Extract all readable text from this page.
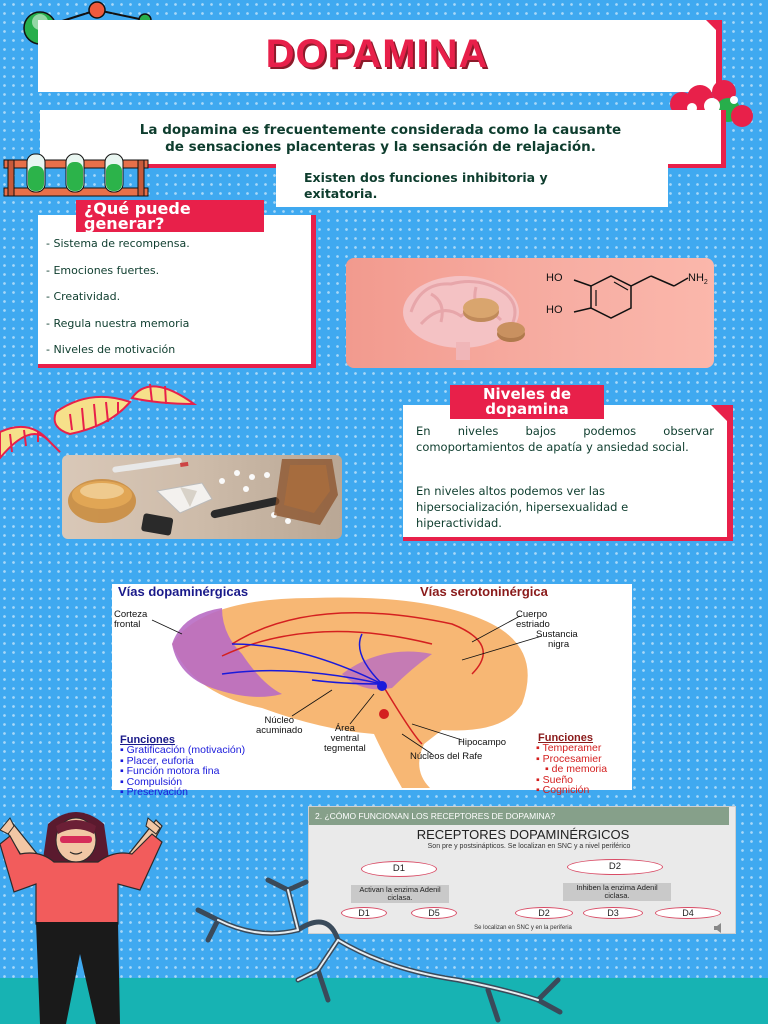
DOPAMINA
La dopamina es frecuentemente considerada como la causante
de sensaciones placenteras y la sensación de relajación.
Existen dos funciones inhibitoria y
exitatoria.
¿Qué puede
generar?
- Sistema de recompensa.
- Emociones fuertes.
- Creatividad.
- Regula nuestra memoria
- Niveles de motivación
HO
HO
$NH_2$
Niveles de
dopamina
En niveles bajos podemos observar comoportamientos de apatía y ansiedad social.
En niveles altos podemos ver las hipersocialización, hipersexualidad e hiperactividad.
Vías dopaminérgicas	Vías serotoninérgica
Corteza
frontal
Cuerpo
estriado
Sustancia
nigra
Núcleo
acuminado	Área
ventral
tegmental
Hipocampo
Núcleos del Rafe
Funciones
▪ Gratificación (motivación)
▪ Placer, euforia
▪ Función motora fina
▪ Compulsión
▪ Preservación
Funciones
▪ Temperamer
▪ Procesamier
▪ de memoria
▪ Sueño
▪ Cognición
2. ¿CÓMO FUNCIONAN LOS RECEPTORES DE DOPAMINA?
RECEPTORES DOPAMINÉRGICOS
Son pre y postsinápticos. Se localizan en SNC y a nivel periférico
D1	D2
Activan la enzima Adenil ciclasa.
Inhiben la enzima Adenil ciclasa.
D1	D5	D2	D3	D4
Se localizan en SNC y en la periferia
